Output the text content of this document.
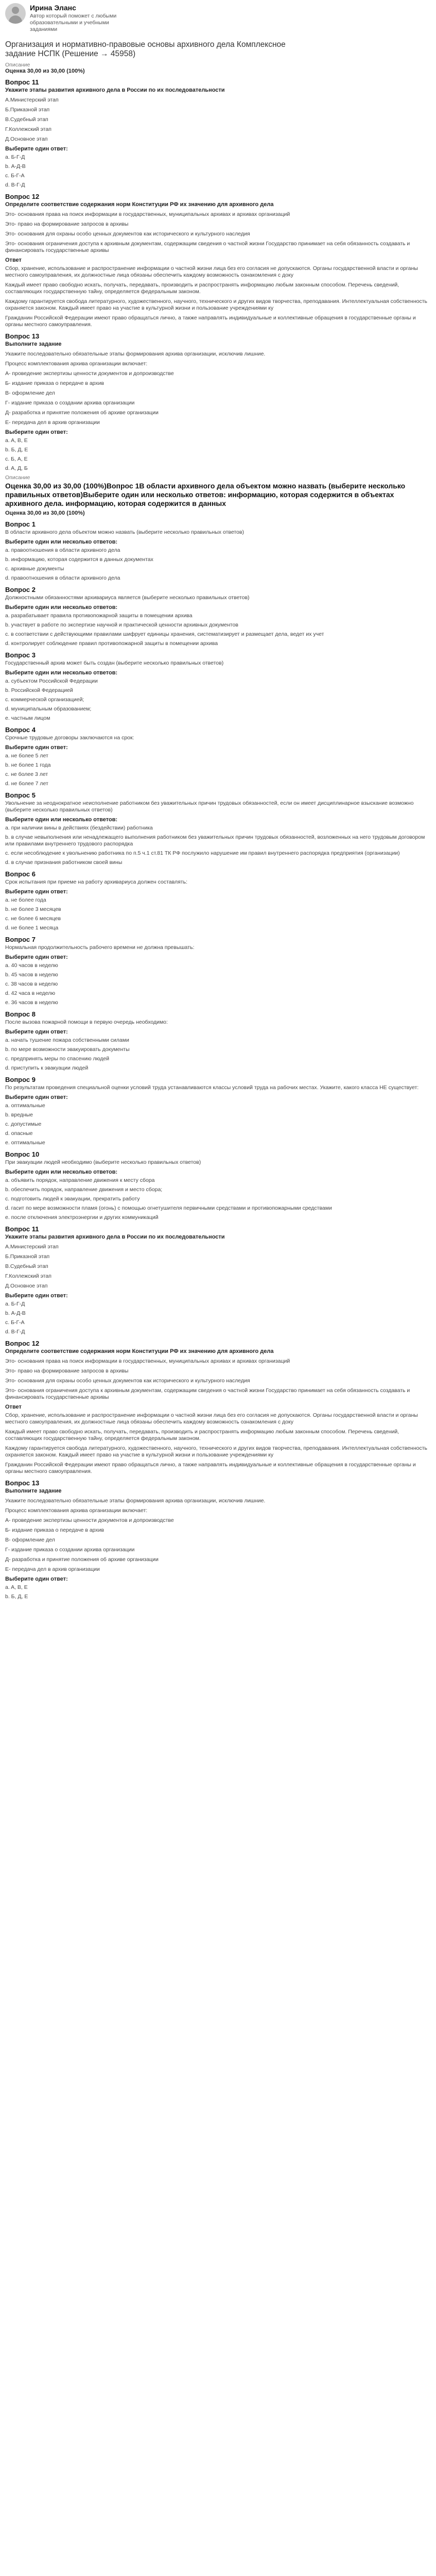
Ирина Эланс
Автор который поможет с любыми образовательными и учебными заданиями
Организация и нормативно-правовые основы архивного дела Комплексное задание НСПК (Решение → 45958)
Описание
Оценка 30,00 из 30,00 (100%)
Вопрос 11
Укажите этапы развития архивного дела в России по их последовательности
А.Министерский этап
Б.Приказной этап
В.Судебный этап
Г.Коллежский этап
Д.Основное этап
Выберите один ответ:
а. Б-Г-Д
b. А-Д-В
с. Б-Г-А
d. В-Г-Д
Вопрос 12
Определите соответствие содержания норм Конституции РФ их значению для архивного дела
Это- основания права на поиск информации в государственных, муниципальных архивах и архивах организаций
Это- право на формирование запросов в архивы
Это- основания для охраны особо ценных документов как исторического и культурного наследия
Это- основания ограничения доступа к архивным документам, содержащим сведения о частной жизни Государство принимает на себя обязанность создавать и финансировать государственные архивы
Ответ
Сбор, хранение, использование и распространение информации о частной жизни лица без его согласия не допускаются. Органы государственной власти и органы местного самоуправления, их должностные лица обязаны обеспечить каждому возможность ознакомления с доку
Каждый имеет право свободно искать, получать, передавать, производить и распространять информацию любым законным способом. Перечень сведений, составляющих государственную тайну, определяется федеральным законом.
Каждому гарантируется свобода литературного, художественного, научного, технического и других видов творчества, преподавания. Интеллектуальная собственность охраняется законом. Каждый имеет право на участие в культурной жизни и пользование учреждениями ку
Гражданин Российской Федерации имеют право обращаться лично, а также направлять индивидуальные и коллективные обращения в государственные органы и органы местного самоуправления.
Вопрос 13
Выполните задание
Укажите последовательно обязательные этапы формирования архива организации, исключив лишние.
Процесс комплектования архива организации включает:
А- проведение экспертизы ценности документов и допроизводстве
Б- издание приказа о передаче в архив
В- оформление дел
Г- издание приказа о создании архива организации
Д- разработка и принятие положения об архиве организации
Е- передача дел в архив организации
Выберите один ответ:
a. A, B, E
b. Б, Д, Е
c. Б, A, Е
d. A, Д, Б
Описание
Оценка 30,00 из 30,00 (100%)Вопрос 1В области архивного дела объектом можно назвать (выберите несколько правильных ответов)Выберите один или несколько ответов: информацию, которая содержится в объектах архивного дела. информацию, которая содержится в данных
Оценка 30,00 из 30,00 (100%)
Вопрос 1
В области архивного дела объектом можно назвать (выберите несколько правильных ответов)
Выберите один или несколько ответов:
а. правоотношения в области архивного дела
b. информацию, которая содержится в данных документах
с. архивные документы
d. правоотношения в области архивного дела
Вопрос 2
Должностными обязанностями архивариуса является (выберите несколько правильных ответов)
Выберите один или несколько ответов:
а. разрабатывает правила противопожарной защиты в помещении архива
b. участвует в работе по экспертизе научной и практической ценности архивных документов
с. в соответствии с действующими правилами шифрует единицы хранения, систематизирует и размещает дела, ведет их учет
d. контролирует соблюдение правил противопожарной защиты в помещении архива
Вопрос 3
Государственный архив может быть создан (выберите несколько правильных ответов)
Выберите один или несколько ответов:
a. субъектом Российской Федерации
b. Российской Федерацией
c. коммерческой организацией;
d. муниципальным образованием;
e. частным лицом
Вопрос 4
Срочные трудовые договоры заключаются на срок:
Выберите один ответ:
a. не более 5 лет
b. не более 1 года
c. не более 3 лет
d. не более 7 лет
Вопрос 5
Увольнение за неоднократное неисполнение работником без уважительных причин трудовых обязанностей, если он имеет дисциплинарное взыскание возможно (выберите несколько правильных ответов)
Выберите один или несколько ответов:
а. при наличии вины в действиях (бездействии) работника
b. в случае невыполнения или ненадлежащего выполнения работником без уважительных причин трудовых обязанностей, возложенных на него трудовым договором или правилами внутреннего трудового распорядка
с. если несоблюдение к увольнению работника по п.5 ч.1 ст.81 ТК РФ послужило нарушение им правил внутреннего распорядка предприятия (организации)
d. в случае признания работником своей вины
Вопрос 6
Срок испытания при приеме на работу архивариуса должен составлять:
Выберите один ответ:
a. не более года
b. не более 3 месяцев
c. не более 6 месяцев
d. не более 1 месяца
Вопрос 7
Нормальная продолжительность рабочего времени не должна превышать:
Выберите один ответ:
a. 40 часов в неделю
b. 45 часов в неделю
c. 38 часов в неделю
d. 42 часа в неделю
e. 36 часов в неделю
Вопрос 8
После вызова пожарной помощи в первую очередь необходимо:
Выберите один ответ:
а. начать тушение пожара собственными силами
b. по мере возможности эвакуировать документы
c. предпринять меры по спасению людей
d. приступить к эвакуации людей
Вопрос 9
По результатам проведения специальной оценки условий труда устанавливаются классы условий труда на рабочих местах. Укажите, какого класса НЕ существует:
Выберите один ответ:
а. оптимальные
b. вредные
с. допустимые
d. опасные
е. оптимальные
Вопрос 10
При эвакуации людей необходимо (выберите несколько правильных ответов)
Выберите один или несколько ответов:
а. объявить порядок, направление движения к месту сбора
b. обеспечить порядок, направление движения и место сбора;
c. подготовить людей к эвакуации, прекратить работу
d. гасит по мере возможности пламя (огонь) с помощью огнетушителя первичными средствами и противопожарными средствами
е. после отключения электроэнергии и других коммуникаций
Вопрос 11
Укажите этапы развития архивного дела в России по их последовательности
А.Министерский этап
Б.Приказной этап
В.Судебный этап
Г.Коллежский этап
Д.Основное этап
Выберите один ответ:
а. Б-Г-Д
b. А-Д-В
с. Б-Г-А
d. В-Г-Д
Вопрос 12
Определите соответствие содержания норм Конституции РФ их значению для архивного дела
Это- основания права на поиск информации в государственных, муниципальных архивах и архивах организаций
Это- право на формирование запросов в архивы
Это- основания для охраны особо ценных документов как исторического и культурного наследия
Это- основания ограничения доступа к архивным документам, содержащим сведения о частной жизни Государство принимает на себя обязанность создавать и финансировать государственные архивы
Ответ
Сбор, хранение, использование и распространение информации о частной жизни лица без его согласия не допускаются. Органы государственной власти и органы местного самоуправления, их должностные лица обязаны обеспечить каждому возможность ознакомления с доку
Каждый имеет право свободно искать, получать, передавать, производить и распространять информацию любым законным способом. Перечень сведений, составляющих государственную тайну, определяется федеральным законом.
Каждому гарантируется свобода литературного, художественного, научного, технического и других видов творчества, преподавания. Интеллектуальная собственность охраняется законом. Каждый имеет право на участие в культурной жизни и пользование учреждениями ку
Гражданин Российской Федерации имеют право обращаться лично, а также направлять индивидуальные и коллективные обращения в государственные органы и органы местного самоуправления.
Вопрос 13
Выполните задание
Укажите последовательно обязательные этапы формирования архива организации, исключив лишние.
Процесс комплектования архива организации включает:
А- проведение экспертизы ценности документов и допроизводстве
Б- издание приказа о передаче в архив
В- оформление дел
Г- издание приказа о создании архива организации
Д- разработка и принятие положения об архиве организации
Е- передача дел в архив организации
Выберите один ответ:
a. A, B, E
b. Б, Д, Е
